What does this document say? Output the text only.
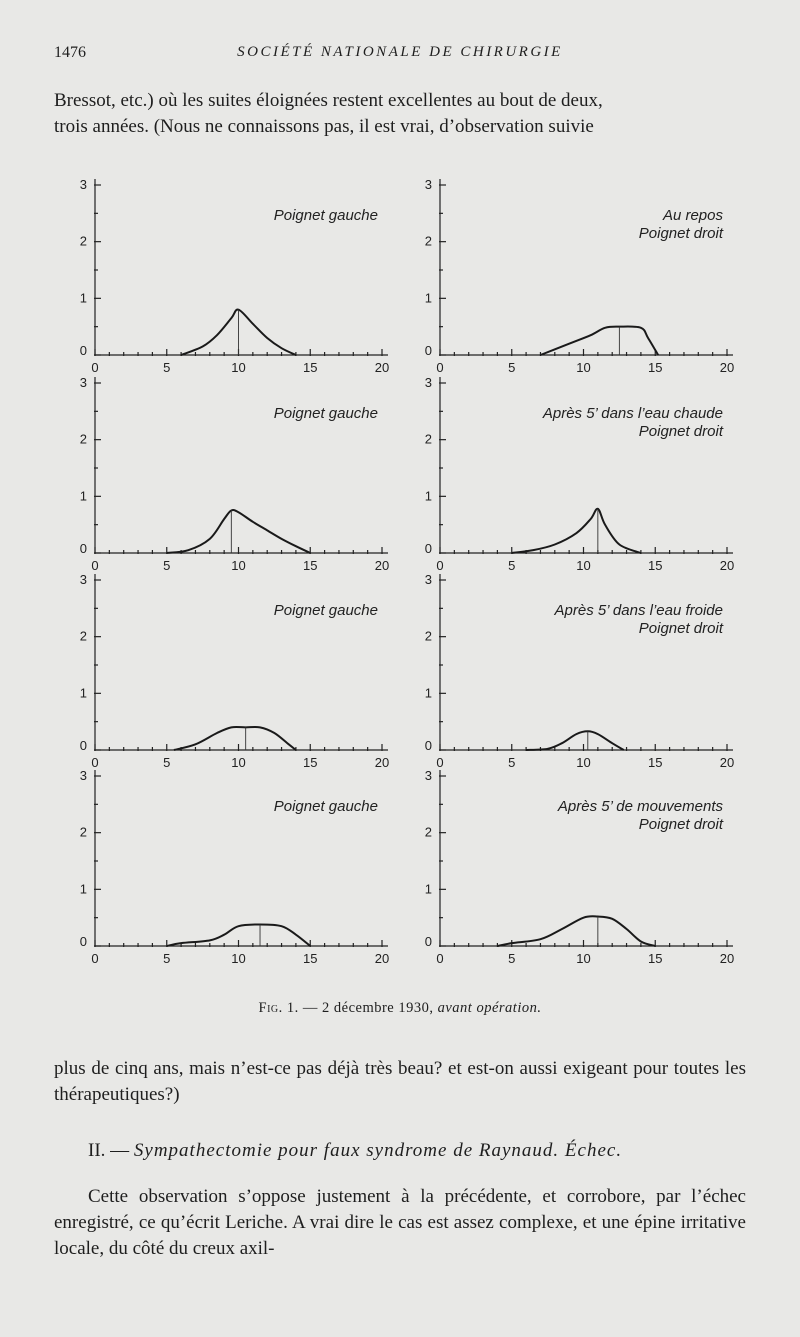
1476	SOCIÉTÉ NATIONALE DE CHIRURGIE

Bressot, etc.) où les suites éloignées restent excellentes au bout de deux,

trois années. (Nous ne connaissons pas, il est vrai, d’observation suivie

0	5	10	15	20
0
1
2
3
Poignet gauche
0	5	10	15	20
0
1
2
3
Au repos
Poignet droit
0	5	10	15	20
0
1
2
3
Poignet gauche
0	5	10	15	20
0
1
2
3
Après 5’ dans l’eau chaude
Poignet droit
0	5	10	15	20
0
1
2
3
Poignet gauche
0	5	10	15	20
0
1
2
3
Après 5’ dans l’eau froide
Poignet droit
0	5	10	15	20
0
1
2
3
Poignet gauche
0	5	10	15	20
0
1
2
3
Après 5’ de mouvements
Poignet droit
Fig. 1. — 2 décembre 1930, avant opération.

plus de cinq ans, mais n’est-ce pas déjà très beau? et est-on aussi exigeant pour toutes les thérapeutiques?)

II. — Sympathectomie pour faux syndrome de Raynaud. Échec.

Cette observation s’oppose justement à la précédente, et corrobore, par l’échec enregistré, ce qu’écrit Leriche. A vrai dire le cas est assez complexe, et une épine irritative locale, du côté du creux axil-
